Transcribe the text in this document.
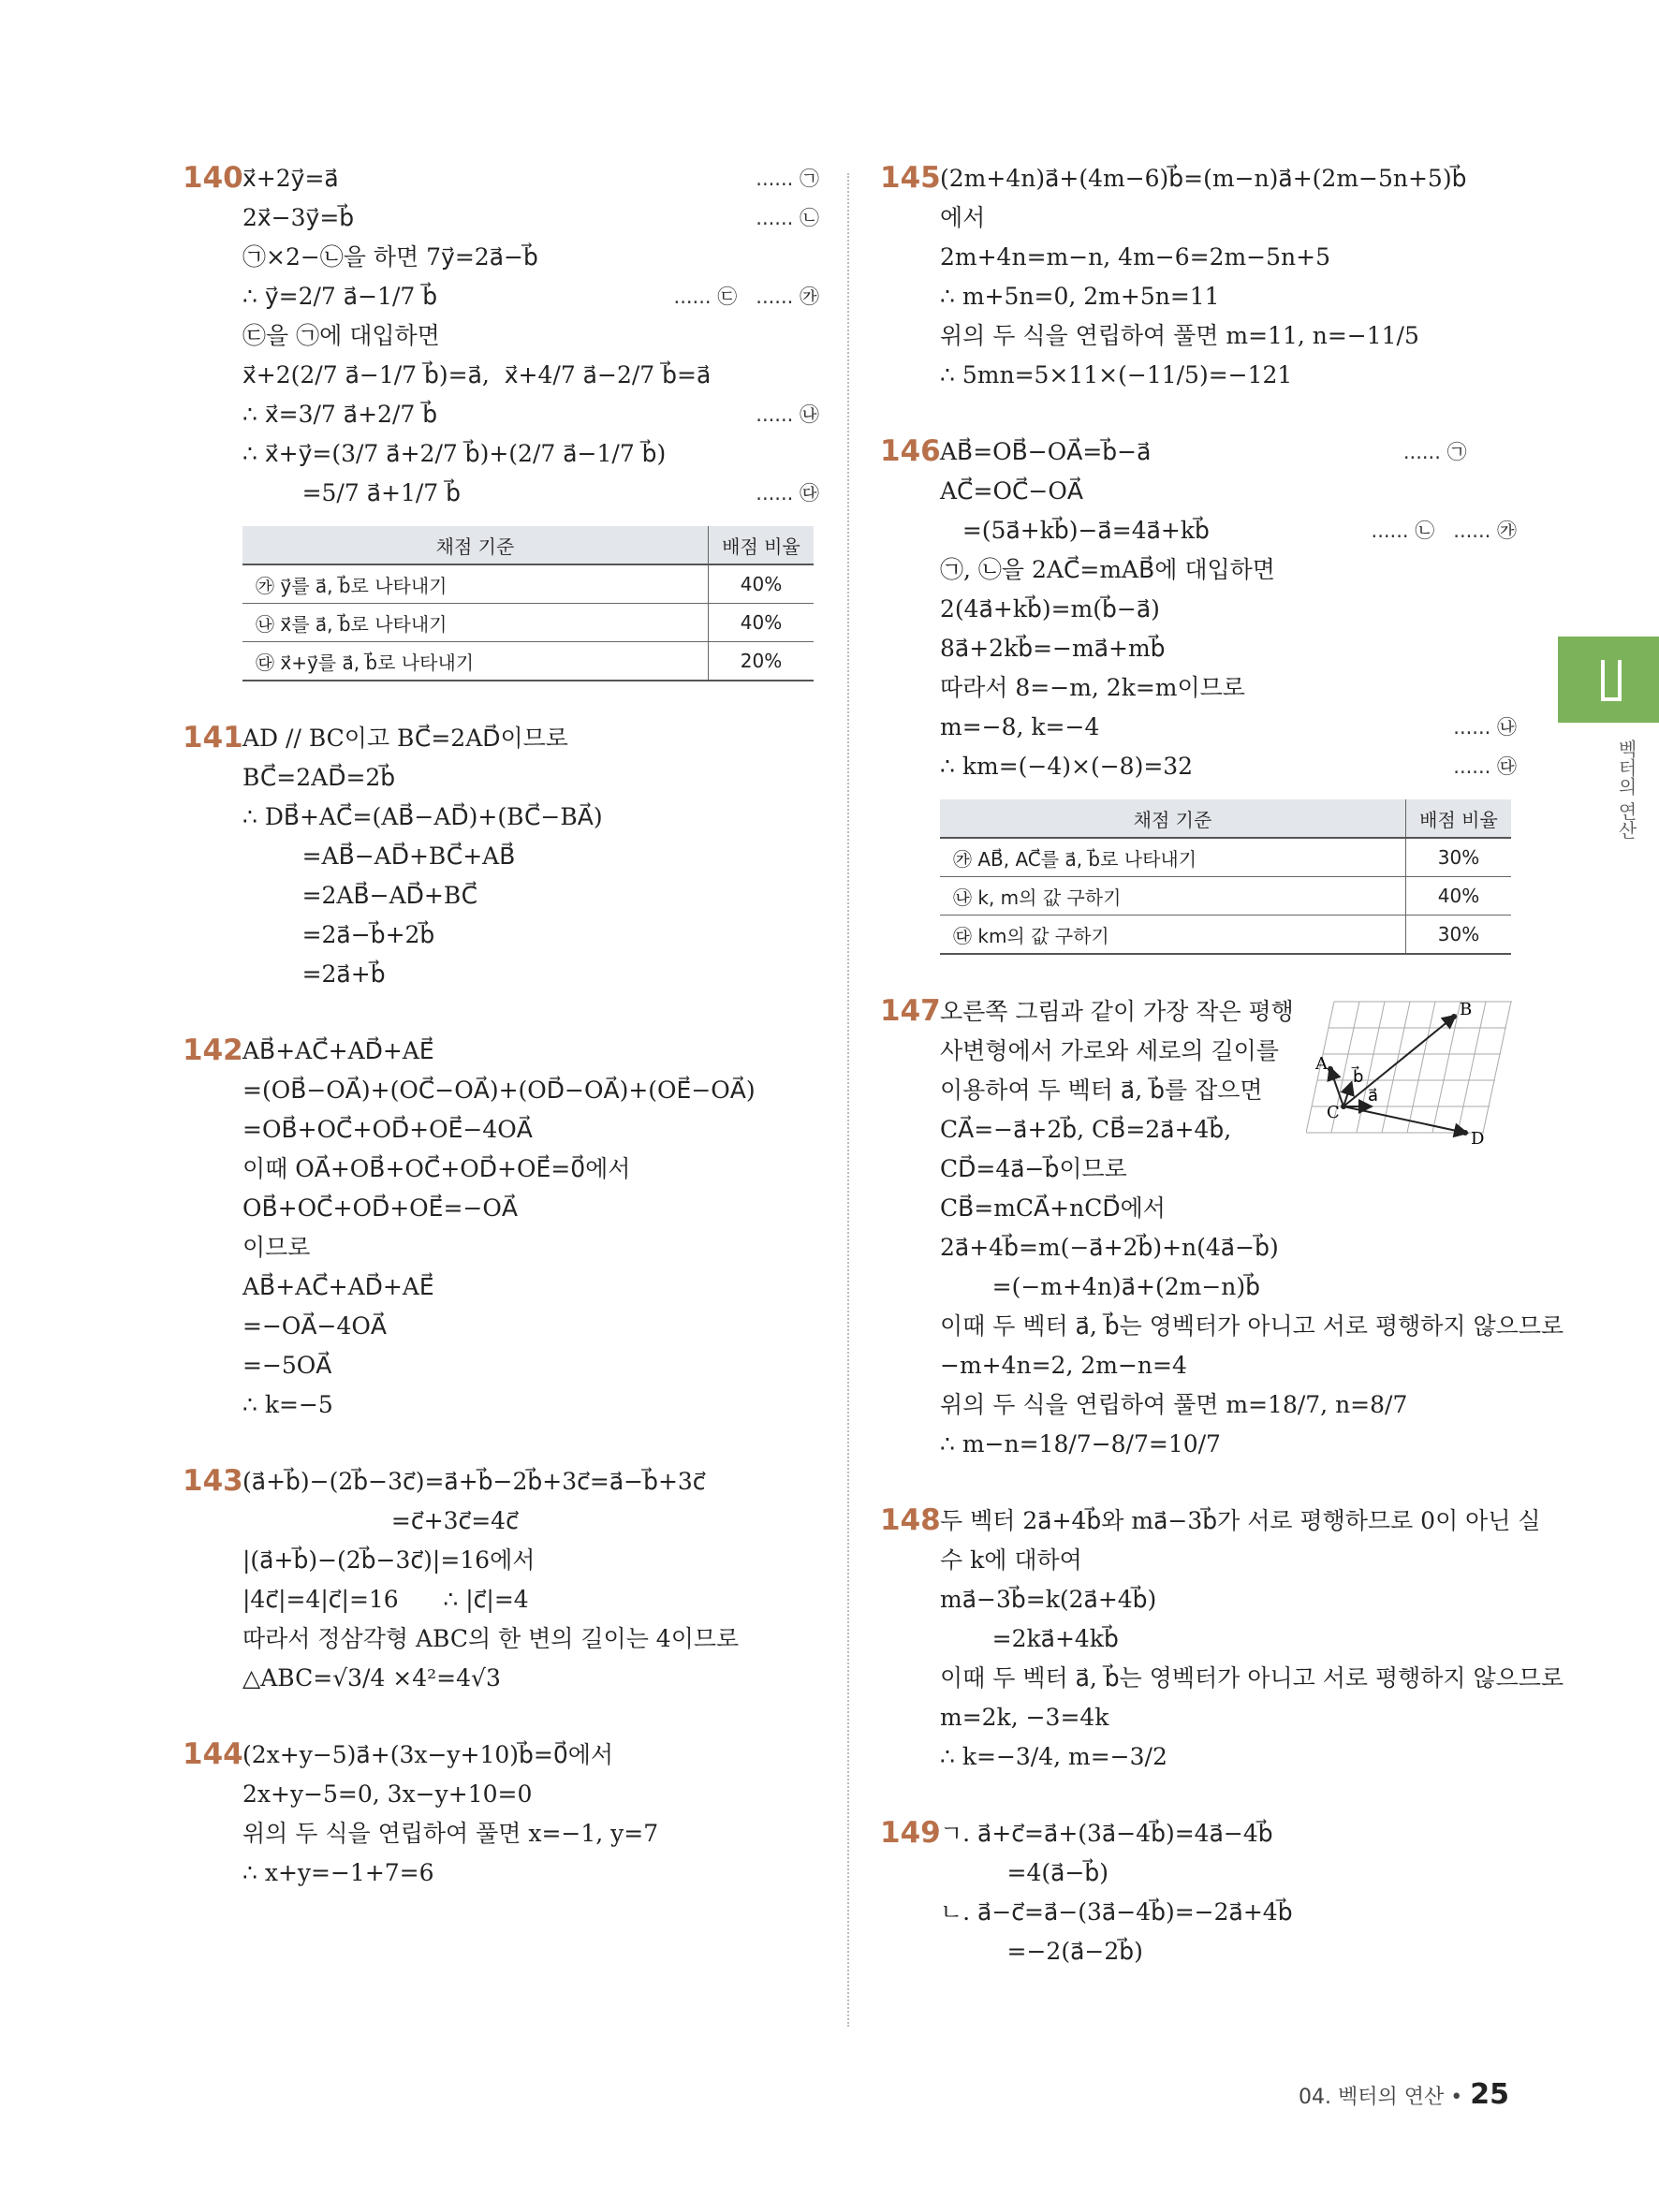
140 x⃗+2y⃗=a⃗	...... ㉠
2x⃗−3y⃗=b⃗	...... ㉡
㉠×2−㉡을 하면 7y⃗=2a⃗−b⃗
∴ y⃗=2/7 a⃗−1/7 b⃗	...... ㉢   ...... ㉮
㉢을 ㉠에 대입하면
x⃗+2(2/7 a⃗−1/7 b⃗)=a⃗,  x⃗+4/7 a⃗−2/7 b⃗=a⃗
∴ x⃗=3/7 a⃗+2/7 b⃗	...... ㉯
∴ x⃗+y⃗=(3/7 a⃗+2/7 b⃗)+(2/7 a⃗−1/7 b⃗)
=5/7 a⃗+1/7 b⃗	...... ㉰
채점 기준	배점 비율
㉮ y⃗를 a⃗, b⃗로 나타내기	40%
㉯ x⃗를 a⃗, b⃗로 나타내기	40%
㉰ x⃗+y⃗를 a⃗, b⃗로 나타내기	20%
141 AD // BC이고 BC⃗=2AD⃗이므로
BC⃗=2AD⃗=2b⃗
∴ DB⃗+AC⃗=(AB⃗−AD⃗)+(BC⃗−BA⃗)
=AB⃗−AD⃗+BC⃗+AB⃗
=2AB⃗−AD⃗+BC⃗
=2a⃗−b⃗+2b⃗
=2a⃗+b⃗
142 AB⃗+AC⃗+AD⃗+AE⃗
=(OB⃗−OA⃗)+(OC⃗−OA⃗)+(OD⃗−OA⃗)+(OE⃗−OA⃗)
=OB⃗+OC⃗+OD⃗+OE⃗−4OA⃗
이때 OA⃗+OB⃗+OC⃗+OD⃗+OE⃗=0⃗에서
OB⃗+OC⃗+OD⃗+OE⃗=−OA⃗
이므로
AB⃗+AC⃗+AD⃗+AE⃗
=−OA⃗−4OA⃗
=−5OA⃗
∴ k=−5
143 (a⃗+b⃗)−(2b⃗−3c⃗)=a⃗+b⃗−2b⃗+3c⃗=a⃗−b⃗+3c⃗
=c⃗+3c⃗=4c⃗
|(a⃗+b⃗)−(2b⃗−3c⃗)|=16에서
|4c⃗|=4|c⃗|=16      ∴ |c⃗|=4
따라서 정삼각형 ABC의 한 변의 길이는 4이므로
△ABC=√3/4 ×4²=4√3
144 (2x+y−5)a⃗+(3x−y+10)b⃗=0⃗에서
2x+y−5=0, 3x−y+10=0
위의 두 식을 연립하여 풀면 x=−1, y=7
∴ x+y=−1+7=6
145 (2m+4n)a⃗+(4m−6)b⃗=(m−n)a⃗+(2m−5n+5)b⃗
에서
2m+4n=m−n, 4m−6=2m−5n+5
∴ m+5n=0, 2m+5n=11
위의 두 식을 연립하여 풀면 m=11, n=−11/5
∴ 5mn=5×11×(−11/5)=−121
146 AB⃗=OB⃗−OA⃗=b⃗−a⃗	...... ㉠
AC⃗=OC⃗−OA⃗
=(5a⃗+kb⃗)−a⃗=4a⃗+kb⃗	...... ㉡   ...... ㉮
㉠, ㉡을 2AC⃗=mAB⃗에 대입하면
2(4a⃗+kb⃗)=m(b⃗−a⃗)
8a⃗+2kb⃗=−ma⃗+mb⃗
따라서 8=−m, 2k=m이므로
m=−8, k=−4	...... ㉯
∴ km=(−4)×(−8)=32	...... ㉰
채점 기준	배점 비율
㉮ AB⃗, AC⃗를 a⃗, b⃗로 나타내기	30%
㉯ k, m의 값 구하기	40%
㉰ km의 값 구하기	30%
147 오른쪽 그림과 같이 가장 작은 평행
사변형에서 가로와 세로의 길이를
이용하여 두 벡터 a⃗, b⃗를 잡으면
CA⃗=−a⃗+2b⃗, CB⃗=2a⃗+4b⃗,
CD⃗=4a⃗−b⃗이므로
CB⃗=mCA⃗+nCD⃗에서
2a⃗+4b⃗=m(−a⃗+2b⃗)+n(4a⃗−b⃗)
=(−m+4n)a⃗+(2m−n)b⃗
이때 두 벡터 a⃗, b⃗는 영벡터가 아니고 서로 평행하지 않으므로
−m+4n=2, 2m−n=4
위의 두 식을 연립하여 풀면 m=18/7, n=8/7
∴ m−n=18/7−8/7=10/7
A
B
C
D
a⃗
b⃗
148 두 벡터 2a⃗+4b⃗와 ma⃗−3b⃗가 서로 평행하므로 0이 아닌 실
수 k에 대하여
ma⃗−3b⃗=k(2a⃗+4b⃗)
=2ka⃗+4kb⃗
이때 두 벡터 a⃗, b⃗는 영벡터가 아니고 서로 평행하지 않으므로
m=2k, −3=4k
∴ k=−3/4, m=−3/2
149 ㄱ. a⃗+c⃗=a⃗+(3a⃗−4b⃗)=4a⃗−4b⃗
=4(a⃗−b⃗)
ㄴ. a⃗−c⃗=a⃗−(3a⃗−4b⃗)=−2a⃗+4b⃗
=−2(a⃗−2b⃗)
벡터의 연산
04. 벡터의 연산 • 25
